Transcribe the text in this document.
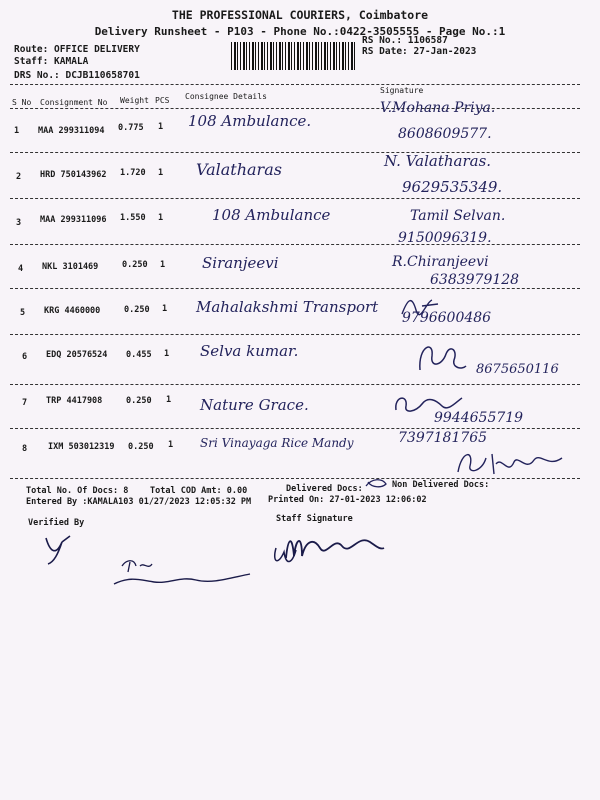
THE PROFESSIONAL COURIERS, Coimbatore
Delivery Runsheet - P103 - Phone No.:0422-3505555 - Page No.:1
Route: OFFICE DELIVERY
Staff: KAMALA
DRS No.: DCJB110658701
RS No.: 1106587
RS Date: 27-Jan-2023
S No Consignment No Weight PCS Consignee Details
Signature
1 MAA 299311094 0.775 1 108 Ambulance.
V.Mohana Priya.
8608609577.
2 HRD 750143962 1.720 1 Valatharas	N. Valatharas.
9629535349.
3 MAA 299311096 1.550 1	108 Ambulance	Tamil Selvan.
9150096319.
4 NKL 3101469	0.250 1 Siranjeevi	R.Chiranjeevi
6383979128
5 KRG 4460000	0.250 1 Mahalakshmi Transport
9796600486
6 EDQ 20576524 0.455 1 Selva kumar.
8675650116
7 TRP 4417908	0.250 1 Nature Grace.
9944655719
8 IXM 503012319 0.250 1 Sri Vinayaga Rice Mandy	7397181765
Total No. Of Docs: 8	Total COD Amt: 0.00	Delivered Docs:	Non Delivered Docs:
Entered By :KAMALA103 01/27/2023 12:05:32 PM Printed On: 27-01-2023 12:06:02
Verified By	Staff Signature
